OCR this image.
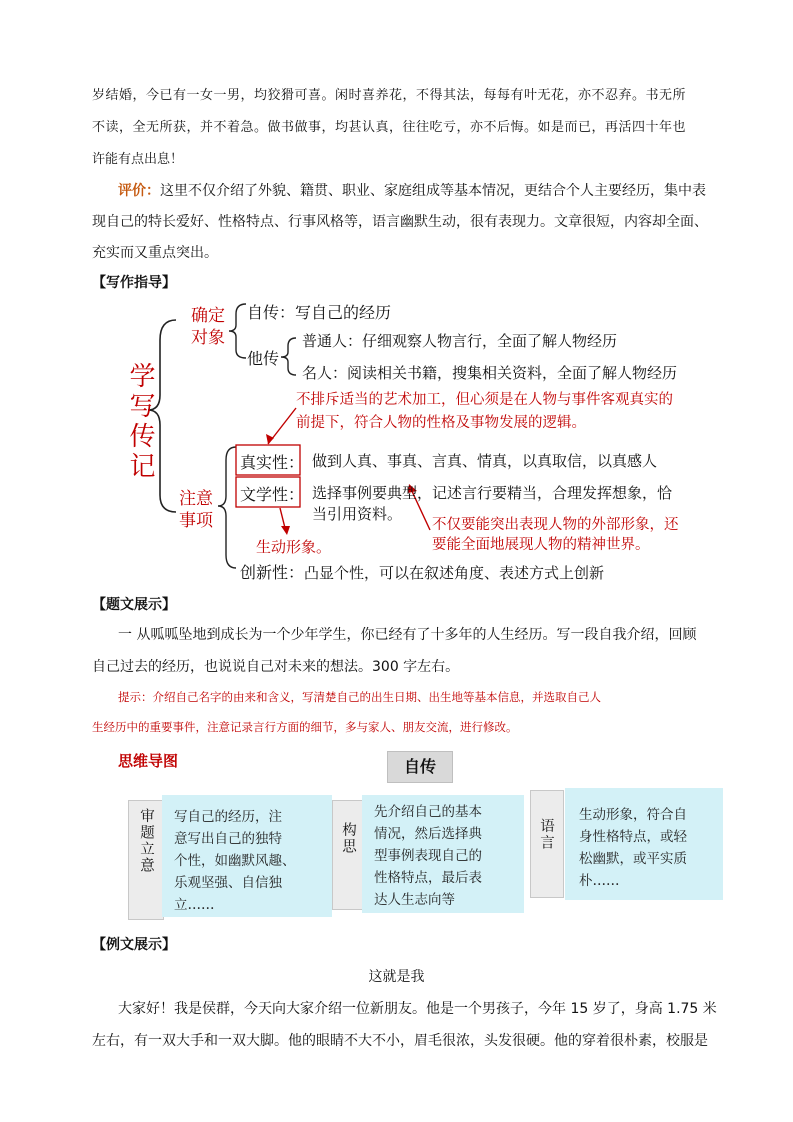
岁结婚，今已有一女一男，均狡猾可喜。闲时喜养花，不得其法，每每有叶无花，亦不忍弃。书无所
不读，全无所获，并不着急。做书做事，均甚认真，往往吃亏，亦不后悔。如是而已，再活四十年也
许能有点出息！
评价：这里不仅介绍了外貌、籍贯、职业、家庭组成等基本情况，更结合个人主要经历，集中表
现自己的特长爱好、性格特点、行事风格等，语言幽默生动，很有表现力。文章很短，内容却全面、
充实而又重点突出。
【写作指导】
学写传记
确定对象
自传：写自己的经历
他传
普通人：仔细观察人物言行，全面了解人物经历
名人：阅读相关书籍，搜集相关资料，全面了解人物经历
不排斥适当的艺术加工，但心须是在人物与事件客观真实的
前提下，符合人物的性格及事物发展的逻辑。
注意事项
真实性： 做到人真、事真、言真、情真，以真取信，以真感人
文学性： 选择事例要典型，记述言行要精当，合理发挥想象，恰
当引用资料。
不仅要能突出表现人物的外部形象，还
要能全面地展现人物的精神世界。
生动形象。
创新性：凸显个性，可以在叙述角度、表述方式上创新
【题文展示】
一 从呱呱坠地到成长为一个少年学生，你已经有了十多年的人生经历。写一段自我介绍，回顾
自己过去的经历，也说说自己对未来的想法。300 字左右。
提示：介绍自己名字的由来和含义，写清楚自己的出生日期、出生地等基本信息，并选取自己人
生经历中的重要事件，注意记录言行方面的细节，多与家人、朋友交流，进行修改。
思维导图	自传
审题立意 写自己的经历，注
意写出自己的独特
个性，如幽默风趣、
乐观坚强、自信独
立……
构思
先介绍自己的基本
情况，然后选择典
型事例表现自己的
性格特点，最后表
达人生志向等
语言
生动形象，符合自
身性格特点，或轻
松幽默，或平实质
朴……
【例文展示】
这就是我
大家好！我是侯群，今天向大家介绍一位新朋友。他是一个男孩子，今年 15 岁了，身高 1.75 米
左右，有一双大手和一双大脚。他的眼睛不大不小，眉毛很浓，头发很硬。他的穿着很朴素，校服是
